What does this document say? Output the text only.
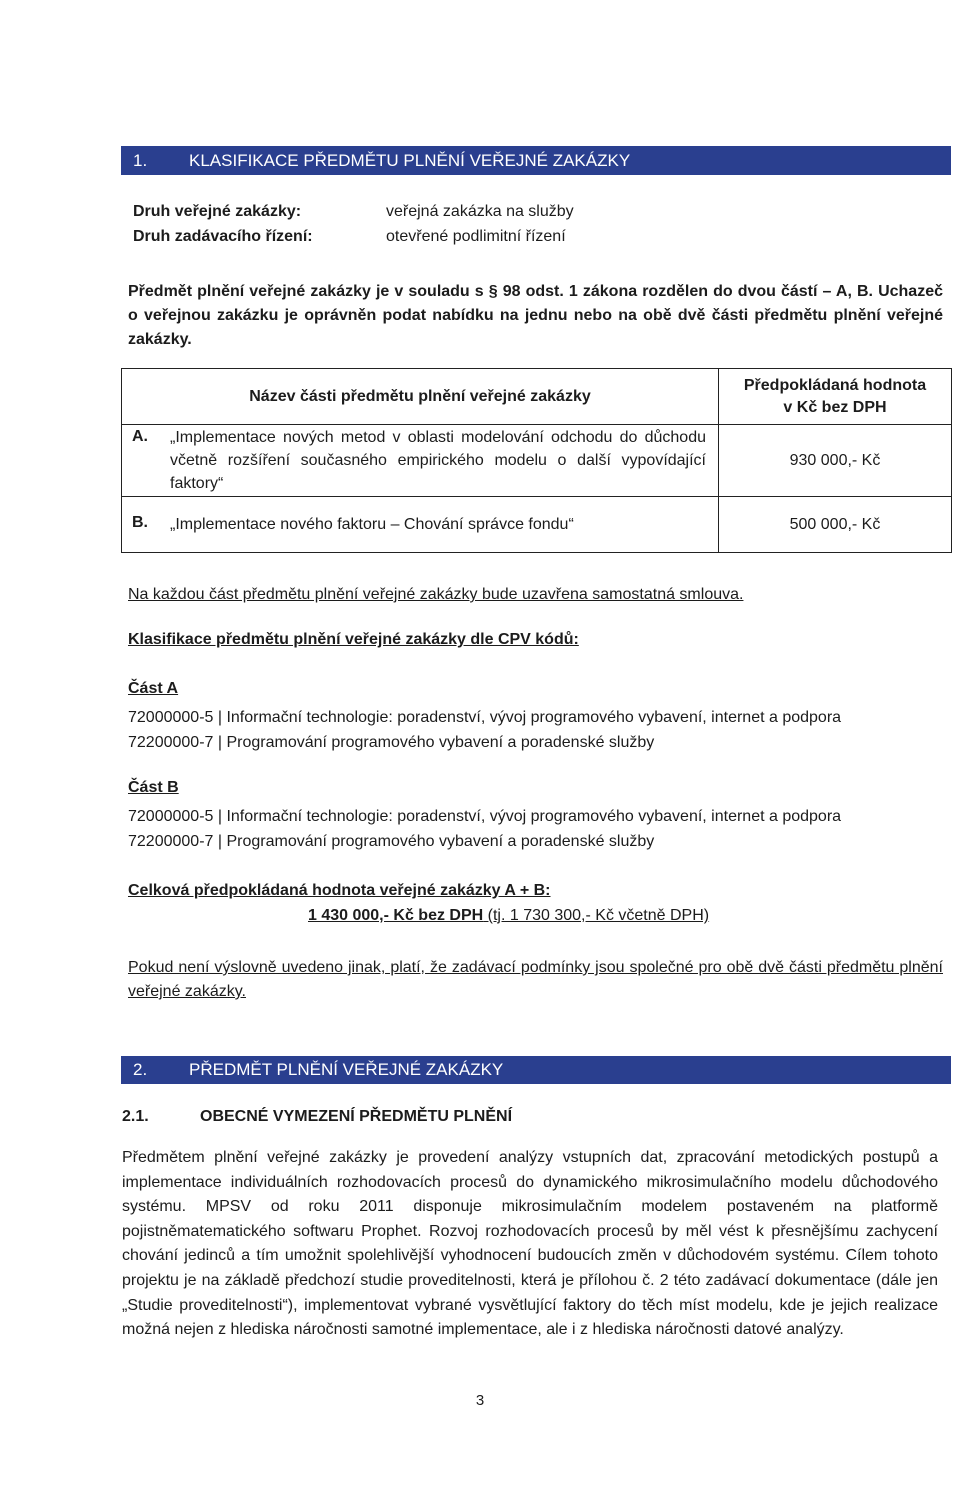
1.	KLASIFIKACE PŘEDMĚTU PLNĚNÍ VEŘEJNÉ ZAKÁZKY
Druh veřejné zakázky:	veřejná zakázka na služby
Druh zadávacího řízení:	otevřené podlimitní řízení
Předmět plnění veřejné zakázky je v souladu s § 98 odst. 1 zákona rozdělen do dvou částí – A, B. Uchazeč o veřejnou zakázku je oprávněn podat nabídku na jednu nebo na obě dvě části předmětu plnění veřejné zakázky.
Název části předmětu plnění veřejné zakázky	Předpokládaná hodnota
v Kč bez DPH

A. „Implementace nových metod v oblasti modelování odchodu do důchodu včetně rozšíření současného empirického modelu o další vypovídající faktory“	930 000,- Kč

B. „Implementace nového faktoru – Chování správce fondu“	500 000,- Kč
Na každou část předmětu plnění veřejné zakázky bude uzavřena samostatná smlouva.
Klasifikace předmětu plnění veřejné zakázky dle CPV kódů:
Část A
72000000-5 | Informační technologie: poradenství, vývoj programového vybavení, internet a podpora
72200000-7 | Programování programového vybavení a poradenské služby
Část B
72000000-5 | Informační technologie: poradenství, vývoj programového vybavení, internet a podpora
72200000-7 | Programování programového vybavení a poradenské služby
Celková předpokládaná hodnota veřejné zakázky A + B:
1 430 000,- Kč bez DPH (tj. 1 730 300,- Kč včetně DPH)
Pokud není výslovně uvedeno jinak, platí, že zadávací podmínky jsou společné pro obě dvě části předmětu plnění veřejné zakázky.
2.	PŘEDMĚT PLNĚNÍ VEŘEJNÉ ZAKÁZKY
2.1.	OBECNÉ VYMEZENÍ PŘEDMĚTU PLNĚNÍ
Předmětem plnění veřejné zakázky je provedení analýzy vstupních dat, zpracování metodických postupů a implementace individuálních rozhodovacích procesů do dynamického mikrosimulačního modelu důchodového systému. MPSV od roku 2011 disponuje mikrosimulačním modelem postaveném na platformě pojistněmatematického softwaru Prophet. Rozvoj rozhodovacích procesů by měl vést k přesnějšímu zachycení chování jedinců a tím umožnit spolehlivější vyhodnocení budoucích změn v důchodovém systému. Cílem tohoto projektu je na základě předchozí studie proveditelnosti, která je přílohou č. 2 této zadávací dokumentace (dále jen „Studie proveditelnosti“), implementovat vybrané vysvětlující faktory do těch míst modelu, kde je jejich realizace možná nejen z hlediska náročnosti samotné implementace, ale i z hlediska náročnosti datové analýzy.
3
